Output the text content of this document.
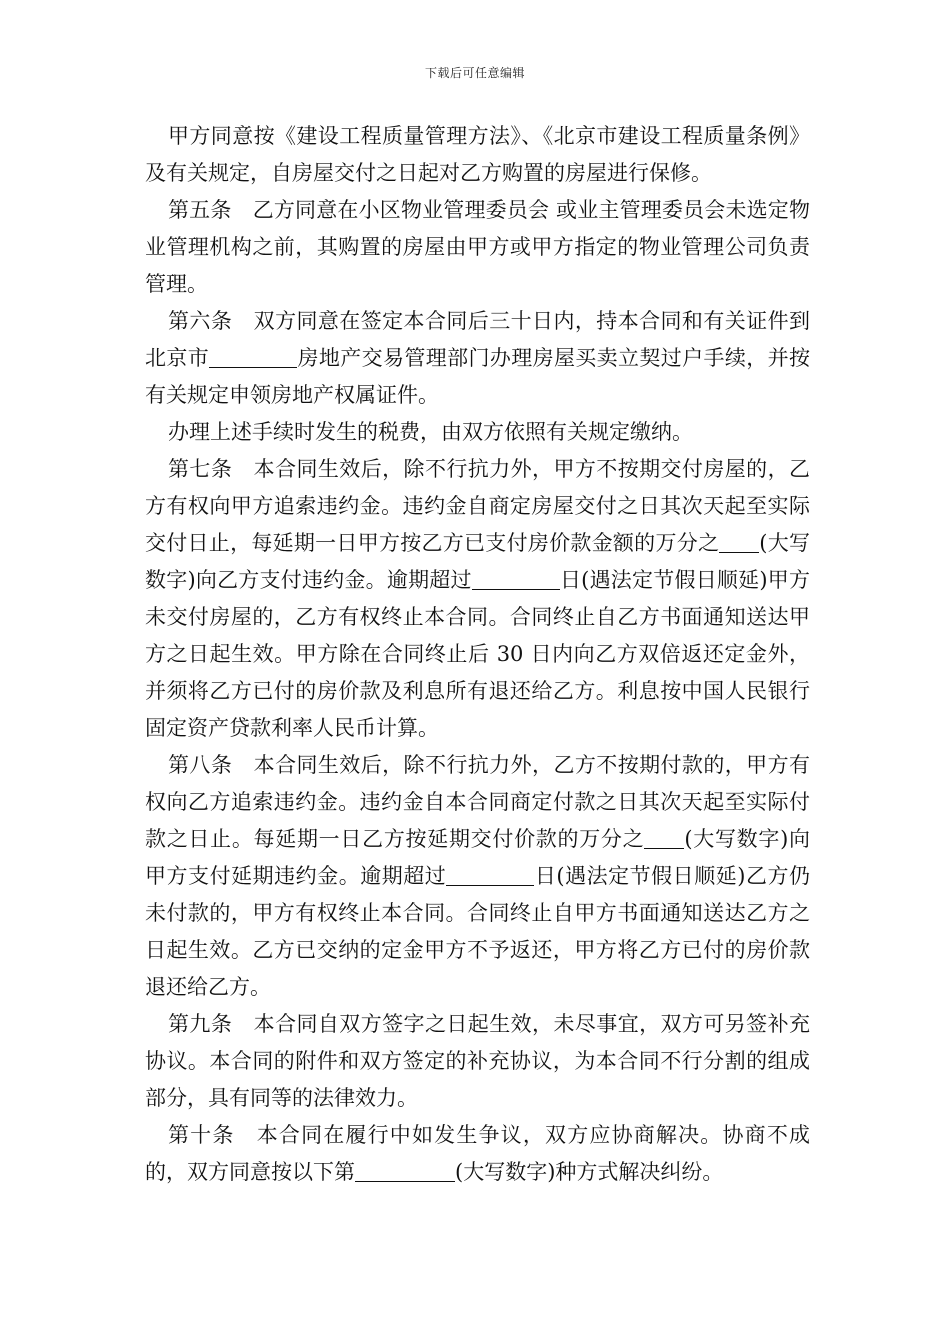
下载后可任意编辑

甲方同意按《建设工程质量管理方法》、《北京市建设工程质量条例》及有关规定，自房屋交付之日起对乙方购置的房屋进行保修。

第五条　乙方同意在小区物业管理委员会 或业主管理委员会未选定物业管理机构之前，其购置的房屋由甲方或甲方指定的物业管理公司负责管理。

第六条　双方同意在签定本合同后三十日内，持本合同和有关证件到北京市	房地产交易管理部门办理房屋买卖立契过户手续，并按有关规定申领房地产权属证件。

办理上述手续时发生的税费，由双方依照有关规定缴纳。

第七条　本合同生效后，除不行抗力外，甲方不按期交付房屋的，乙方有权向甲方追索违约金。违约金自商定房屋交付之日其次天起至实际交付日止，每延期一日甲方按乙方已支付房价款金额的万分之 (大写数字)向乙方支付违约金。逾期超过	日(遇法定节假日顺延)甲方未交付房屋的，乙方有权终止本合同。合同终止自乙方书面通知送达甲方之日起生效。甲方除在合同终止后 30 日内向乙方双倍返还定金外，并须将乙方已付的房价款及利息所有退还给乙方。利息按中国人民银行固定资产贷款利率人民币计算。

第八条　本合同生效后，除不行抗力外，乙方不按期付款的，甲方有权向乙方追索违约金。违约金自本合同商定付款之日其次天起至实际付款之日止。每延期一日乙方按延期交付价款的万分之 (大写数字)向甲方支付延期违约金。逾期超过	日(遇法定节假日顺延)乙方仍未付款的，甲方有权终止本合同。合同终止自甲方书面通知送达乙方之日起生效。乙方已交纳的定金甲方不予返还，甲方将乙方已付的房价款退还给乙方。

第九条　本合同自双方签字之日起生效，未尽事宜，双方可另签补充协议。本合同的附件和双方签定的补充协议，为本合同不行分割的组成部分，具有同等的法律效力。

第十条　本合同在履行中如发生争议，双方应协商解决。协商不成的，双方同意按以下第	(大写数字)种方式解决纠纷。
